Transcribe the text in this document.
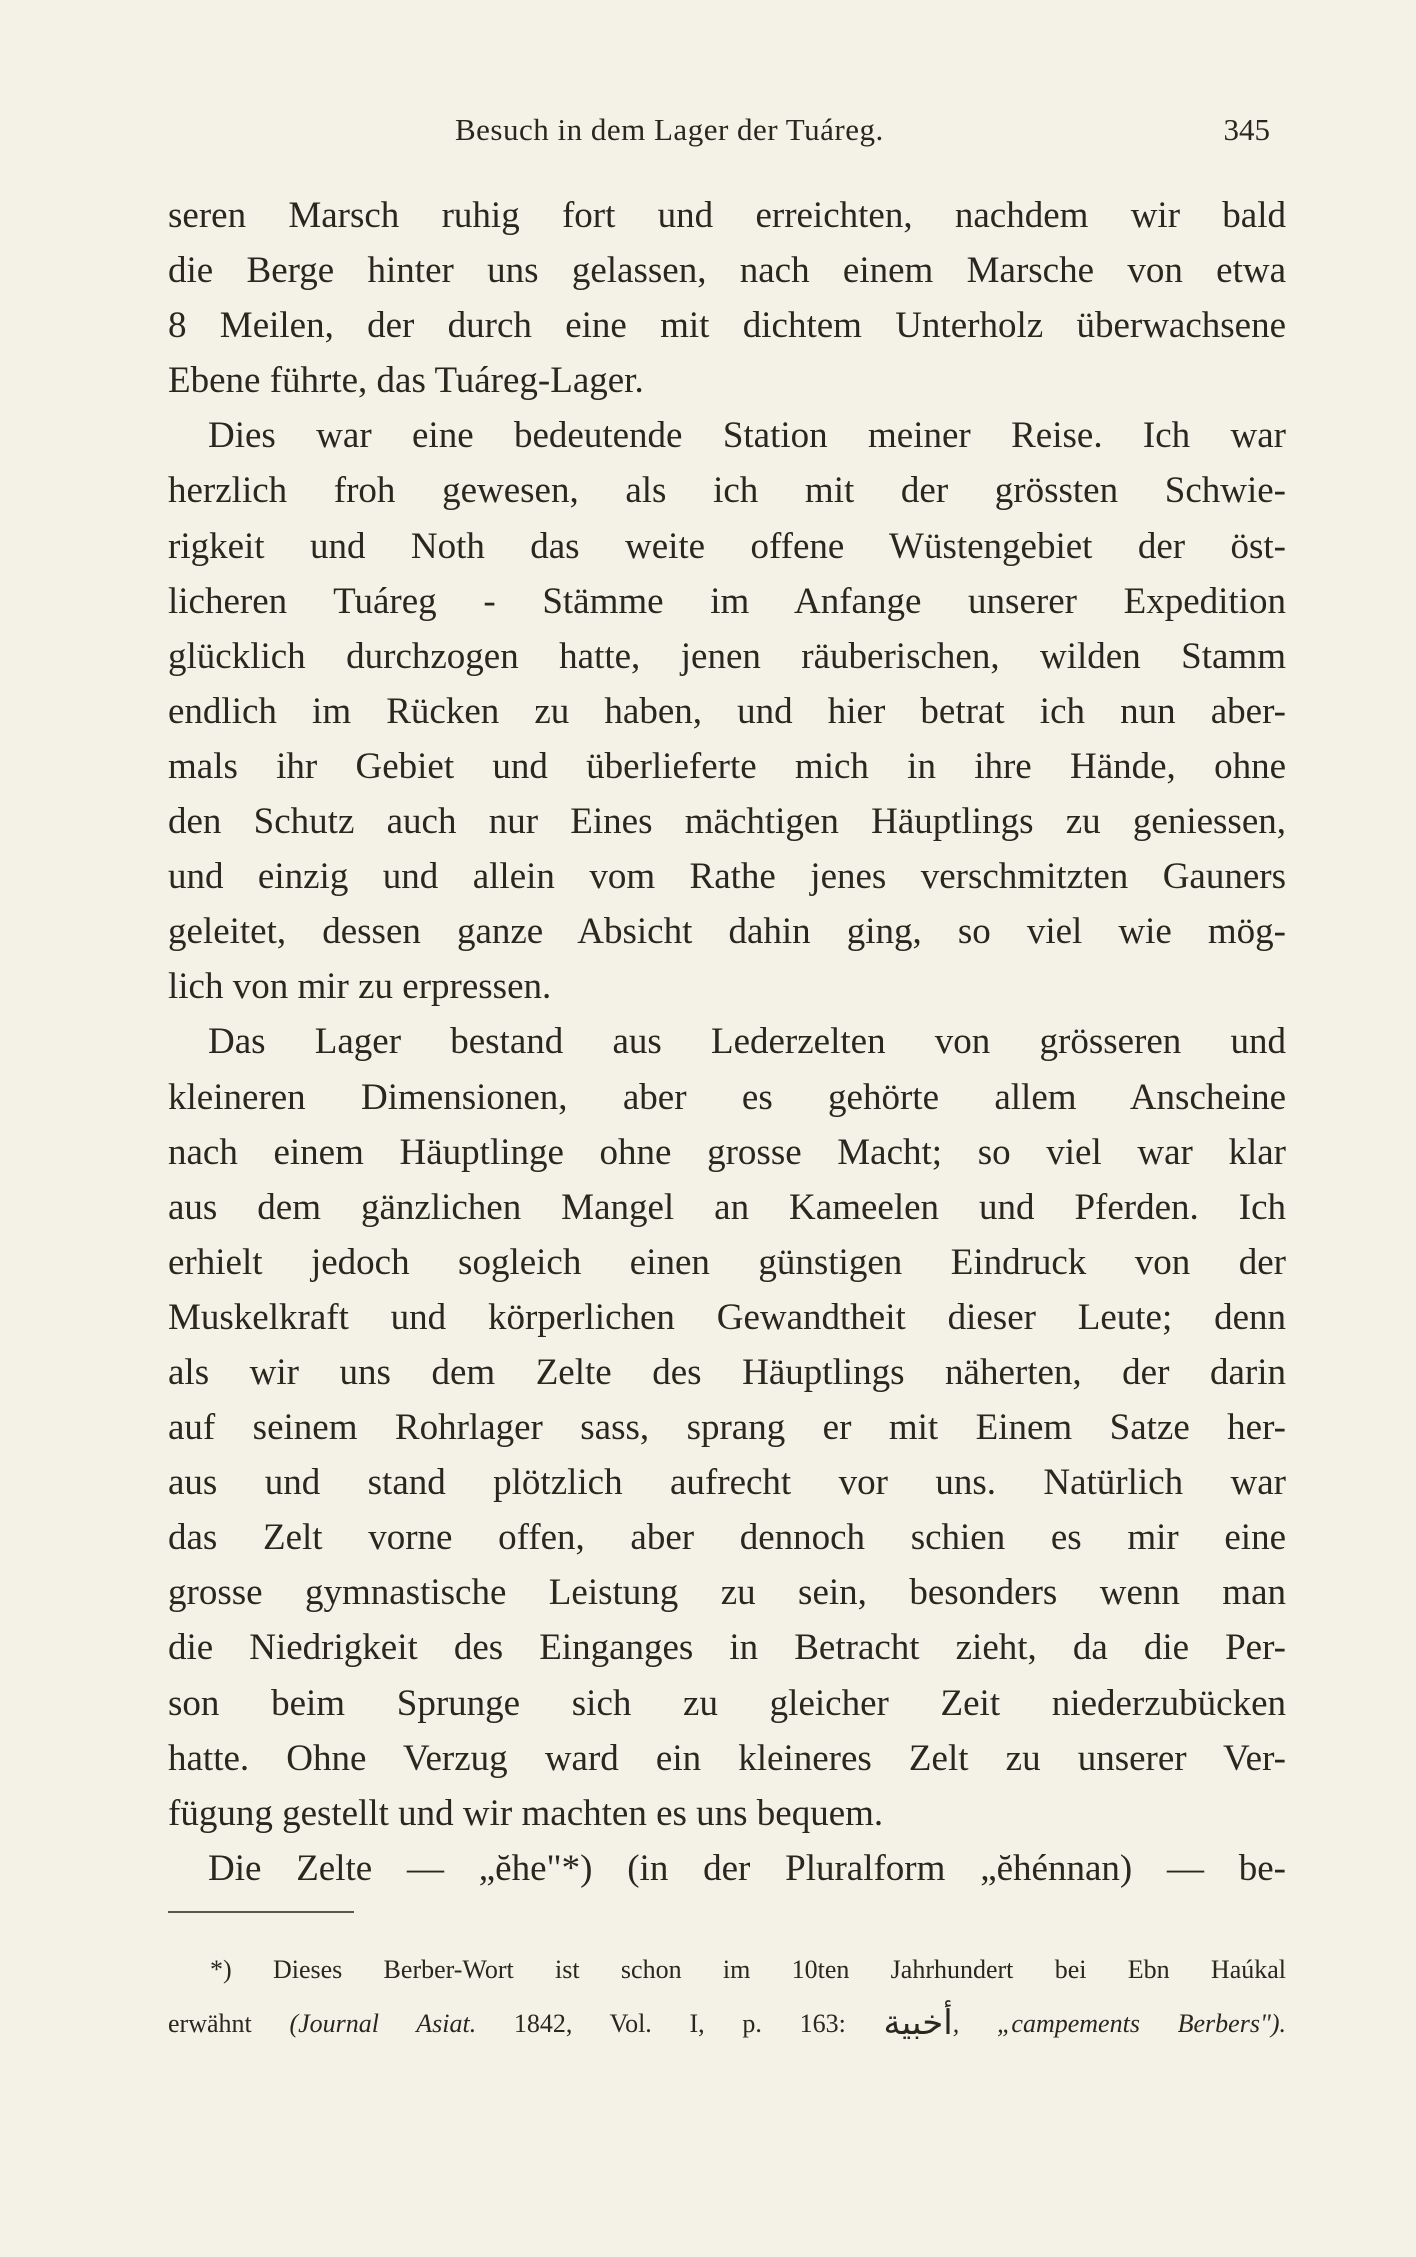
Besuch in dem Lager der Tuáreg.	345
seren Marsch ruhig fort und erreichten, nachdem wir bald
die Berge hinter uns gelassen, nach einem Marsche von etwa
8 Meilen, der durch eine mit dichtem Unterholz überwachsene
Ebene führte, das Tuáreg-Lager.
Dies war eine bedeutende Station meiner Reise. Ich war
herzlich froh gewesen, als ich mit der grössten Schwie-
rigkeit und Noth das weite offene Wüstengebiet der öst-
licheren Tuáreg - Stämme im Anfange unserer Expedition
glücklich durchzogen hatte, jenen räuberischen, wilden Stamm
endlich im Rücken zu haben, und hier betrat ich nun aber-
mals ihr Gebiet und überlieferte mich in ihre Hände, ohne
den Schutz auch nur Eines mächtigen Häuptlings zu geniessen,
und einzig und allein vom Rathe jenes verschmitzten Gauners
geleitet, dessen ganze Absicht dahin ging, so viel wie mög-
lich von mir zu erpressen.
Das Lager bestand aus Lederzelten von grösseren und
kleineren Dimensionen, aber es gehörte allem Anscheine
nach einem Häuptlinge ohne grosse Macht; so viel war klar
aus dem gänzlichen Mangel an Kameelen und Pferden. Ich
erhielt jedoch sogleich einen günstigen Eindruck von der
Muskelkraft und körperlichen Gewandtheit dieser Leute; denn
als wir uns dem Zelte des Häuptlings näherten, der darin
auf seinem Rohrlager sass, sprang er mit Einem Satze her-
aus und stand plötzlich aufrecht vor uns. Natürlich war
das Zelt vorne offen, aber dennoch schien es mir eine
grosse gymnastische Leistung zu sein, besonders wenn man
die Niedrigkeit des Einganges in Betracht zieht, da die Per-
son beim Sprunge sich zu gleicher Zeit niederzubücken
hatte. Ohne Verzug ward ein kleineres Zelt zu unserer Ver-
fügung gestellt und wir machten es uns bequem.
Die Zelte — „ĕhe"*) (in der Pluralform „ĕhénnan) — be-
*) Dieses Berber-Wort ist schon im 10ten Jahrhundert bei Ebn Haúkal
erwähnt (Journal Asiat. 1842, Vol. I, p. 163: أخبية, „campements Berbers").
